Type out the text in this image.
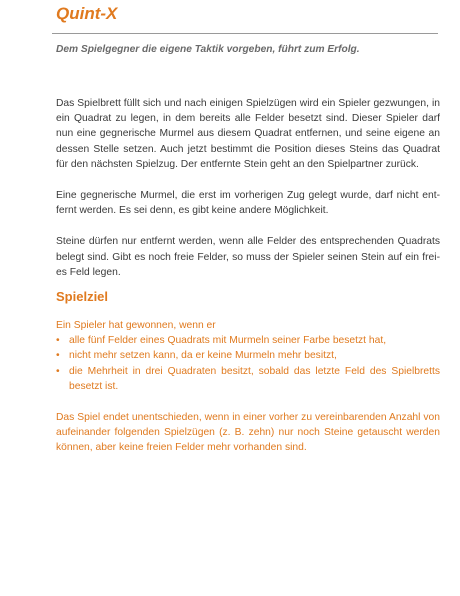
Quint-X
Dem Spielgegner die eigene Taktik vorgeben, führt zum Erfolg.

Das Spielbrett füllt sich und nach einigen Spielzügen wird ein Spieler gezwungen, in ein Quadrat zu legen, in dem bereits alle Felder besetzt sind. Dieser Spieler darf nun eine gegnerische Murmel aus diesem Quadrat entfernen, und seine eigene an dessen Stelle setzen. Auch jetzt bestimmt die Position dieses Steins das Quadrat für den nächsten Spielzug. Der entfernte Stein geht an den Spielpartner zurück.

Eine gegnerische Murmel, die erst im vorherigen Zug gelegt wurde, darf nicht entfernt werden. Es sei denn, es gibt keine andere Möglichkeit.

Steine dürfen nur entfernt werden, wenn alle Felder des entsprechenden Quadrats belegt sind. Gibt es noch freie Felder, so muss der Spieler seinen Stein auf ein freies Feld legen.

Spielziel

Ein Spieler hat gewonnen, wenn er

• alle fünf Felder eines Quadrats mit Murmeln seiner Farbe besetzt hat,
• nicht mehr setzen kann, da er keine Murmeln mehr besitzt,
• die Mehrheit in drei Quadraten besitzt, sobald das letzte Feld des Spielbretts besetzt ist.

Das Spiel endet unentschieden, wenn in einer vorher zu vereinbarenden Anzahl von aufeinander folgenden Spielzügen (z. B. zehn) nur noch Steine getauscht werden können, aber keine freien Felder mehr vorhanden sind.
